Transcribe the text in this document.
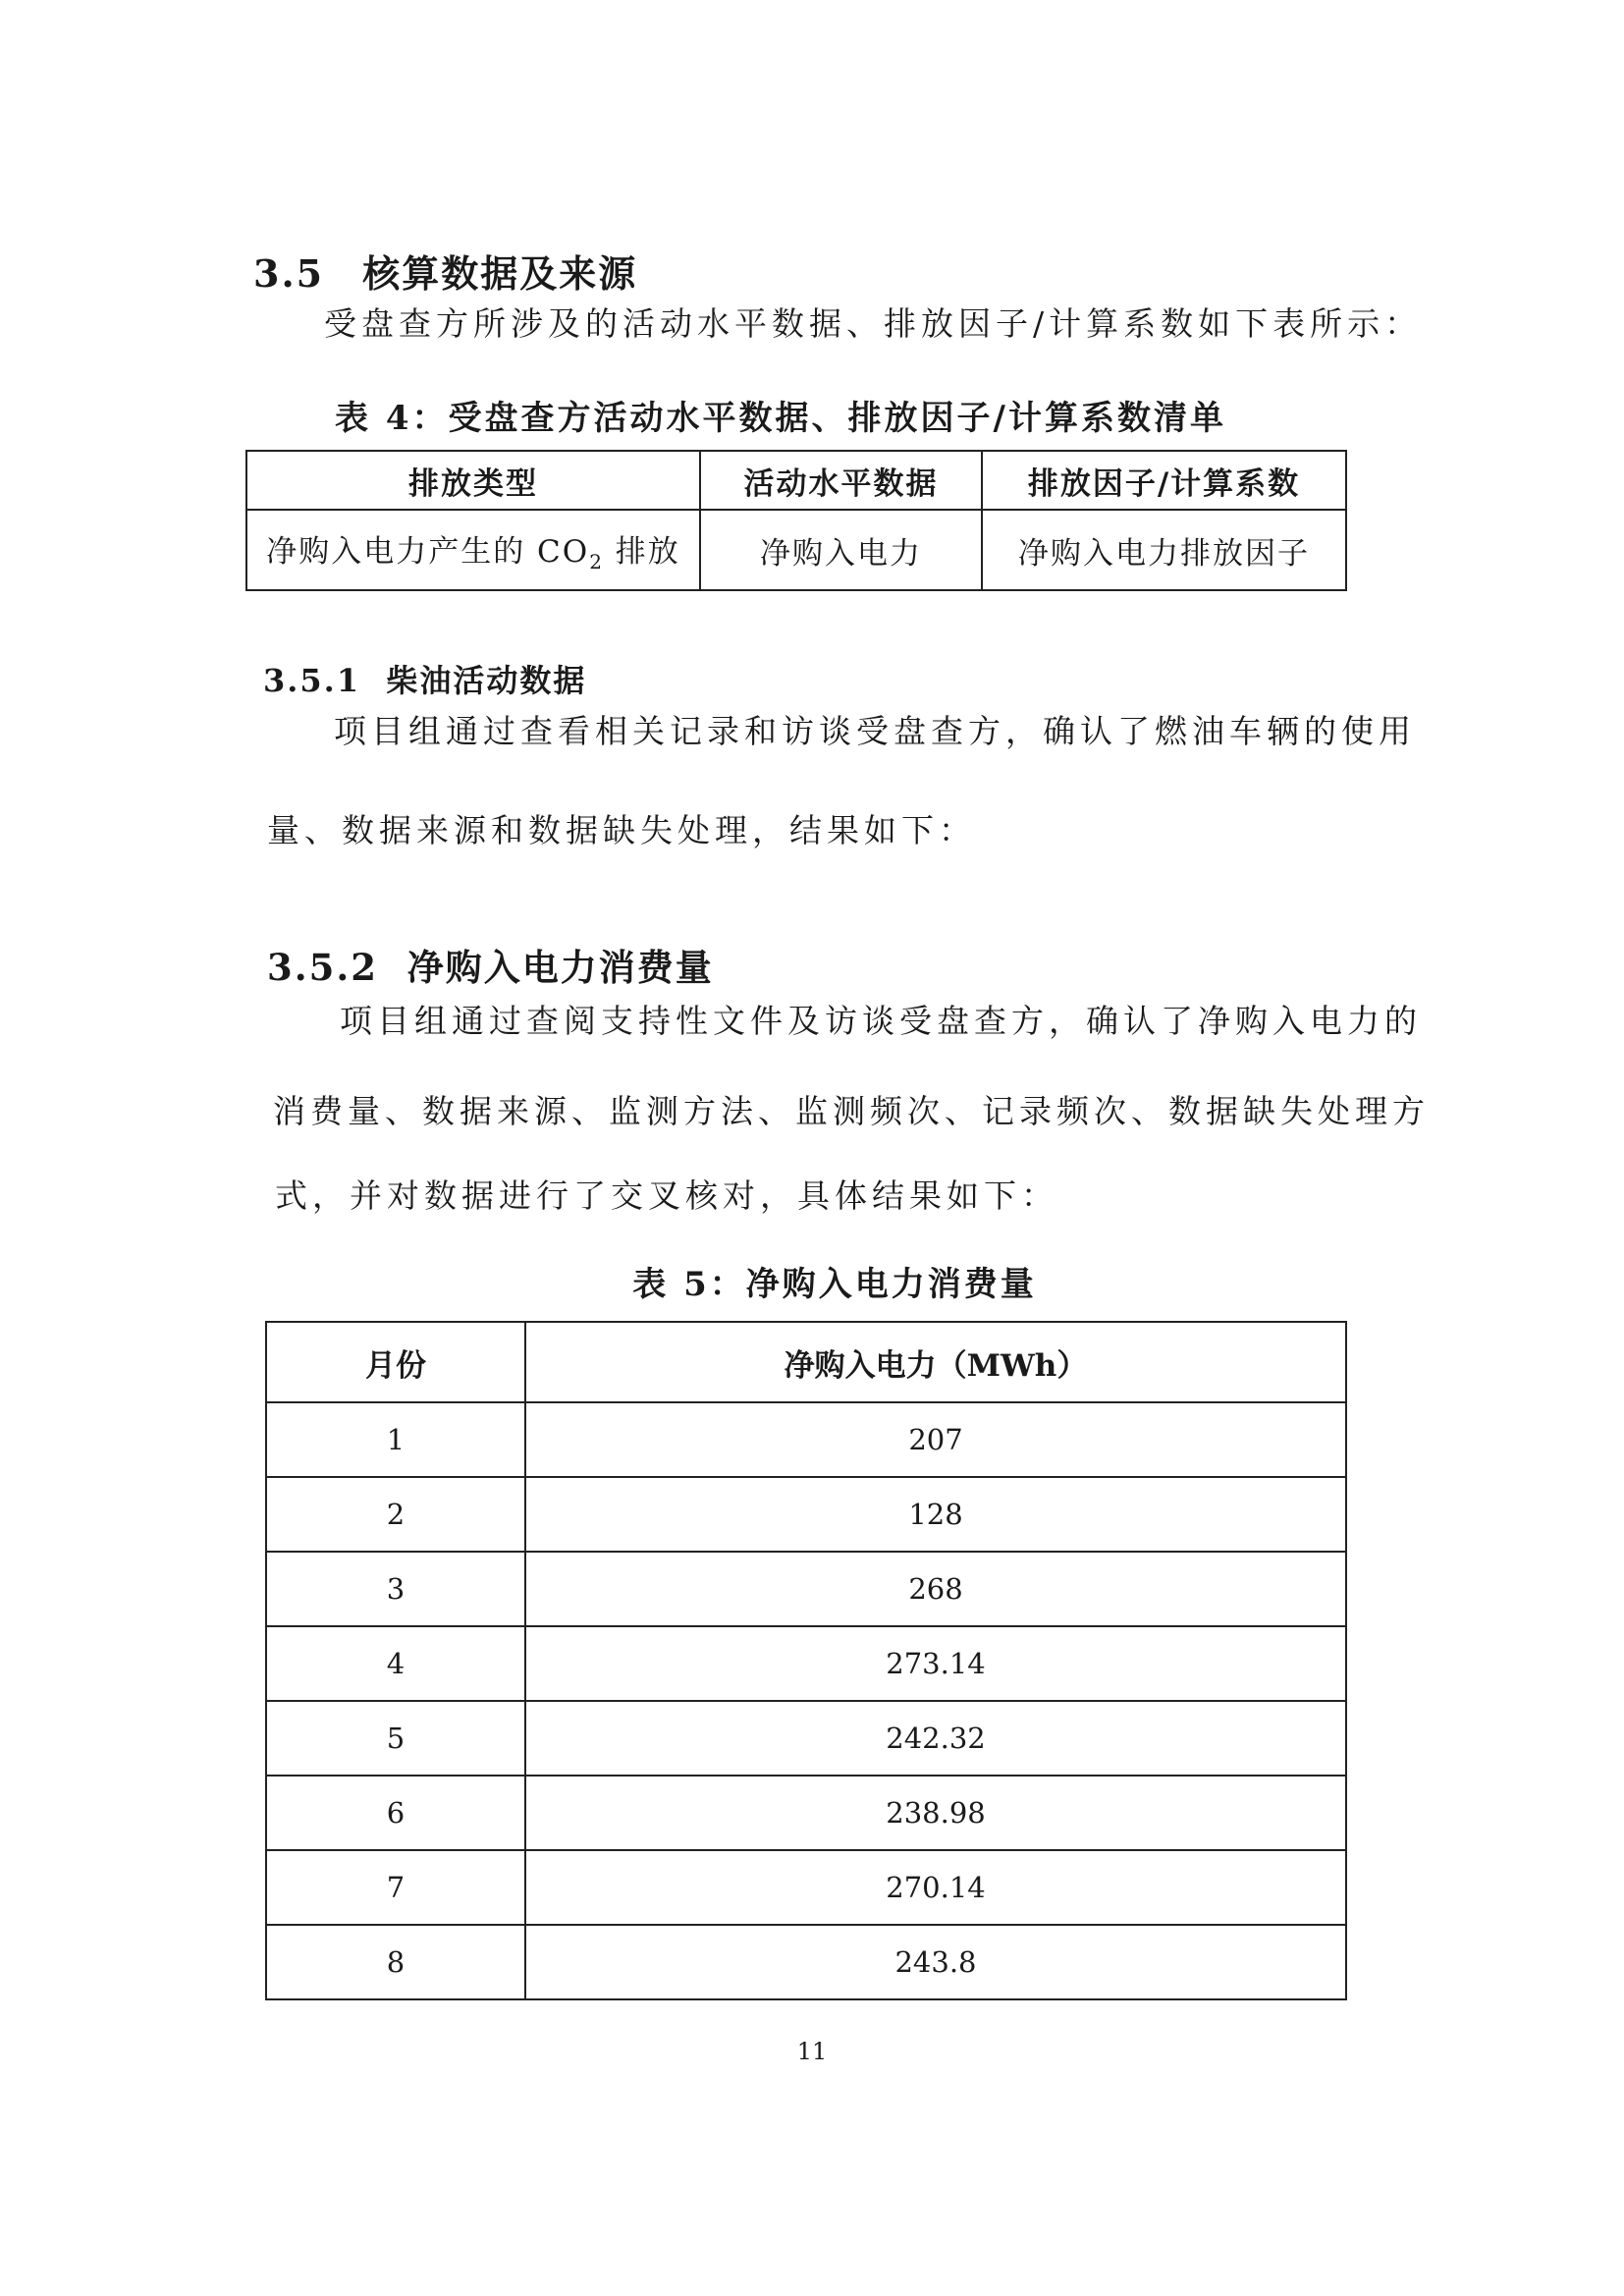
3.5 核算数据及来源
受盘查方所涉及的活动水平数据、排放因子/计算系数如下表所示：
表 4：受盘查方活动水平数据、排放因子/计算系数清单
排放类型	活动水平数据	排放因子/计算系数
净购入电力产生的 $CO_2$ 排放	净购入电力	净购入电力排放因子
3.5.1 柴油活动数据
项目组通过查看相关记录和访谈受盘查方，确认了燃油车辆的使用
量、数据来源和数据缺失处理，结果如下：
3.5.2 净购入电力消费量
项目组通过查阅支持性文件及访谈受盘查方，确认了净购入电力的
消费量、数据来源、监测方法、监测频次、记录频次、数据缺失处理方
式，并对数据进行了交叉核对，具体结果如下：
表 5：净购入电力消费量
月份	净购入电力（MWh）
1	207
2	128
3	268
4	273.14
5	242.32
6	238.98
7	270.14
8	243.8
11
